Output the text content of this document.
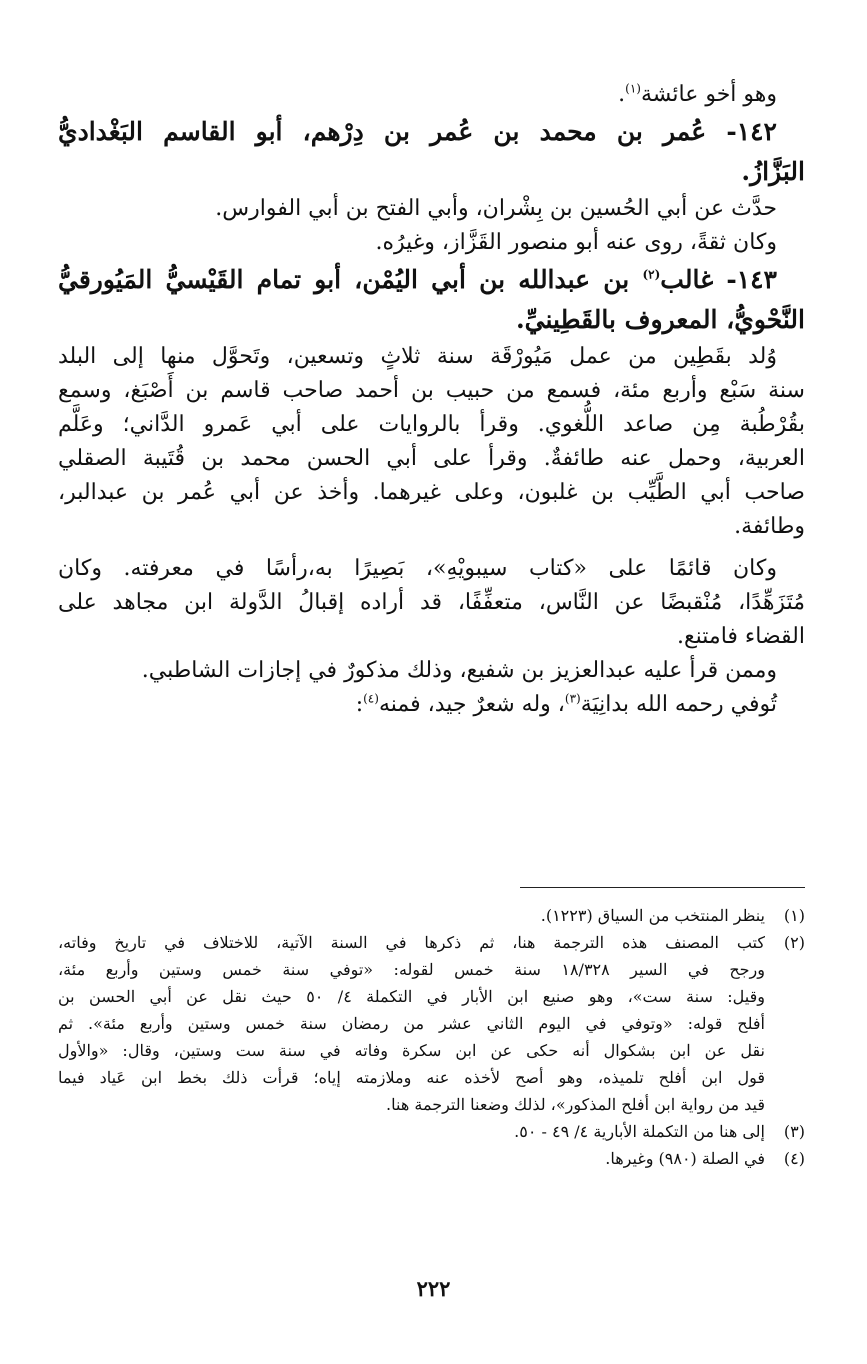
وهو أخو عائشة$^{(١)}$.
١٤٢- عُمر بن محمد بن عُمر بن دِرْهم، أبو القاسم البَغْداديُّ
البَزَّازُ.
حدَّث عن أبي الحُسين بن بِشْران، وأبي الفتح بن أبي الفوارس.
وكان ثقةً، روى عنه أبو منصور القَزَّاز، وغيرُه.
١٤٣- غالب$^{(٢)}$ بن عبدالله بن أبي اليُمْن، أبو تمام القَيْسيُّ المَيُورقيُّ
النَّحْويُّ، المعروف بالقَطِينيِّ.
وُلد بقَطِين من عمل مَيُورْقَة سنة ثلاثٍ وتسعين، وتَحوَّل منها إلى البلد
سنة سَبْع وأربع مئة، فسمع من حبيب بن أحمد صاحب قاسم بن أَصْبَغ، وسمع
بقُرْطُبة مِن صاعد اللُّغوي. وقرأ بالروايات على أبي عَمرو الدَّاني؛ وعَلَّم
العربية، وحمل عنه طائفةٌ. وقرأ على أبي الحسن محمد بن قُتَيبة الصقلي
صاحب أبي الطَّيِّب بن غلبون، وعلى غيرهما. وأخذ عن أبي عُمر بن عبدالبر،
وطائفة.
وكان قائمًا على «كتاب سيبويْهِ»، بَصِيرًا به،رأسًا في معرفته. وكان
مُتَزَهِّدًا، مُنْقبضًا عن النَّاس، متعفِّفًا، قد أراده إقبالُ الدَّولة ابن مجاهد على
القضاء فامتنع.
وممن قرأ عليه عبدالعزيز بن شفيع، وذلك مذكورٌ في إجازات الشاطبي.
تُوفي رحمه الله بدانِيَة$^{(٣)}$، وله شعرٌ جيد، فمنه$^{(٤)}$:
(١)
ينظر المنتخب من السياق (١٢٢٣).
(٢)
كتب المصنف هذه الترجمة هنا، ثم ذكرها في السنة الآتية، للاختلاف في تاريخ وفاته،
ورجح في السير ١٨/٣٢٨ سنة خمس لقوله: «توفي سنة خمس وستين وأربع مئة،
وقيل: سنة ست»، وهو صنيع ابن الأبار في التكملة ٤/ ٥٠ حيث نقل عن أبي الحسن بن
أفلح قوله: «وتوفي في اليوم الثاني عشر من رمضان سنة خمس وستين وأربع مئة». ثم
نقل عن ابن بشكوال أنه حكى عن ابن سكرة وفاته في سنة ست وستين، وقال: «والأول
قول ابن أفلح تلميذه، وهو أصح لأخذه عنه وملازمته إياه؛ قرأت ذلك بخط ابن عَياد فيما
قيد من رواية ابن أفلح المذكور»، لذلك وضعنا الترجمة هنا.
(٣)
إلى هنا من التكملة الأبارية ٤/ ٤٩ - ٥٠.
(٤)
في الصلة (٩٨٠) وغيرها.
٢٢٢
